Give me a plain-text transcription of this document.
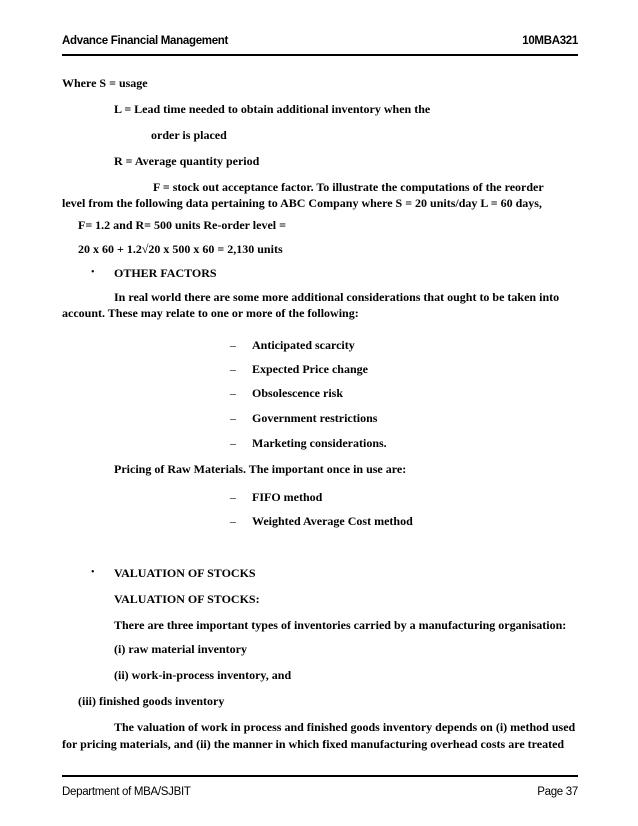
Advance Financial Management	10MBA321
Where S = usage
L = Lead time needed to obtain additional inventory when the
order is placed
R = Average quantity period
F = stock out acceptance factor. To illustrate the computations of the reorder
level from the following data pertaining to ABC Company where S = 20 units/day L = 60 days,
F= 1.2 and R= 500 units Re-order level =
20 x 60 + 1.2√20 x 500 x 60 = 2,130 units
• OTHER FACTORS
In real world there are some more additional considerations that ought to be taken into
account. These may relate to one or more of the following:
– Anticipated scarcity
– Expected Price change
– Obsolescence risk
– Government restrictions
– Marketing considerations.
Pricing of Raw Materials. The important once in use are:
– FIFO method
– Weighted Average Cost method
• VALUATION OF STOCKS
VALUATION OF STOCKS:
There are three important types of inventories carried by a manufacturing organisation:
(i) raw material inventory
(ii) work-in-process inventory, and
(iii) finished goods inventory
The valuation of work in process and finished goods inventory depends on (i) method used
for pricing materials, and (ii) the manner in which fixed manufacturing overhead costs are treated
Department of MBA/SJBIT	Page 37
